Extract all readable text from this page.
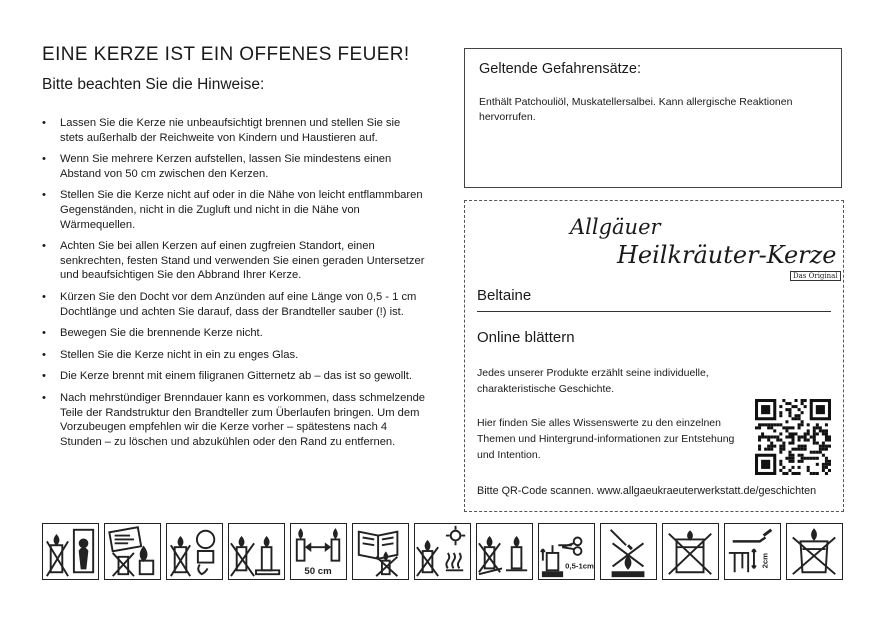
EINE KERZE IST EIN OFFENES FEUER!
Bitte beachten Sie die Hinweise:
• Lassen Sie die Kerze nie unbeaufsichtigt brennen und stellen Sie sie stets außerhalb der Reichweite von Kindern und Haustieren auf.
• Wenn Sie mehrere Kerzen aufstellen, lassen Sie mindestens einen Abstand von 50 cm zwischen den Kerzen.
• Stellen Sie die Kerze nicht auf oder in die Nähe von leicht entflammbaren Gegenständen, nicht in die Zugluft und nicht in die Nähe von Wärmequellen.
• Achten Sie bei allen Kerzen auf einen zugfreien Standort, einen senkrechten, festen Stand und verwenden Sie einen geraden Untersetzer und beaufsichtigen Sie den Abbrand Ihrer Kerze.
• Kürzen Sie den Docht vor dem Anzünden auf eine Länge von 0,5 - 1 cm Dochtlänge und achten Sie darauf, dass der Brandteller sauber (!) ist.
• Bewegen Sie die brennende Kerze nicht.
• Stellen Sie die Kerze nicht in ein zu enges Glas.
• Die Kerze brennt mit einem filigranen Gitternetz ab – das ist so gewollt.
• Nach mehrstündiger Brenndauer kann es vorkommen, dass schmelzende Teile der Randstruktur den Brandteller zum Überlaufen bringen. Um dem Vorzubeugen empfehlen wir die Kerze vorher – spätestens nach 4 Stunden – zu löschen und abzukühlen oder den Rand zu entfernen.
Geltende Gefahrensätze:
Enthält Patchouliöl, Muskatellersalbei. Kann allergische Reaktionen hervorrufen.
Allgäuer
Heilkräuter-Kerze
Das Original
Beltaine
Online blättern
Jedes unserer Produkte erzählt seine individuelle, charakteristische Geschichte.
Hier finden Sie alles Wissenswerte zu den einzelnen Themen und Hintergrund-informationen zur Entstehung und Intention.
Bitte QR-Code scannen. www.allgaeukraeuterwerkstatt.de/geschichten
50 cm
0,5-1cm	2cm
